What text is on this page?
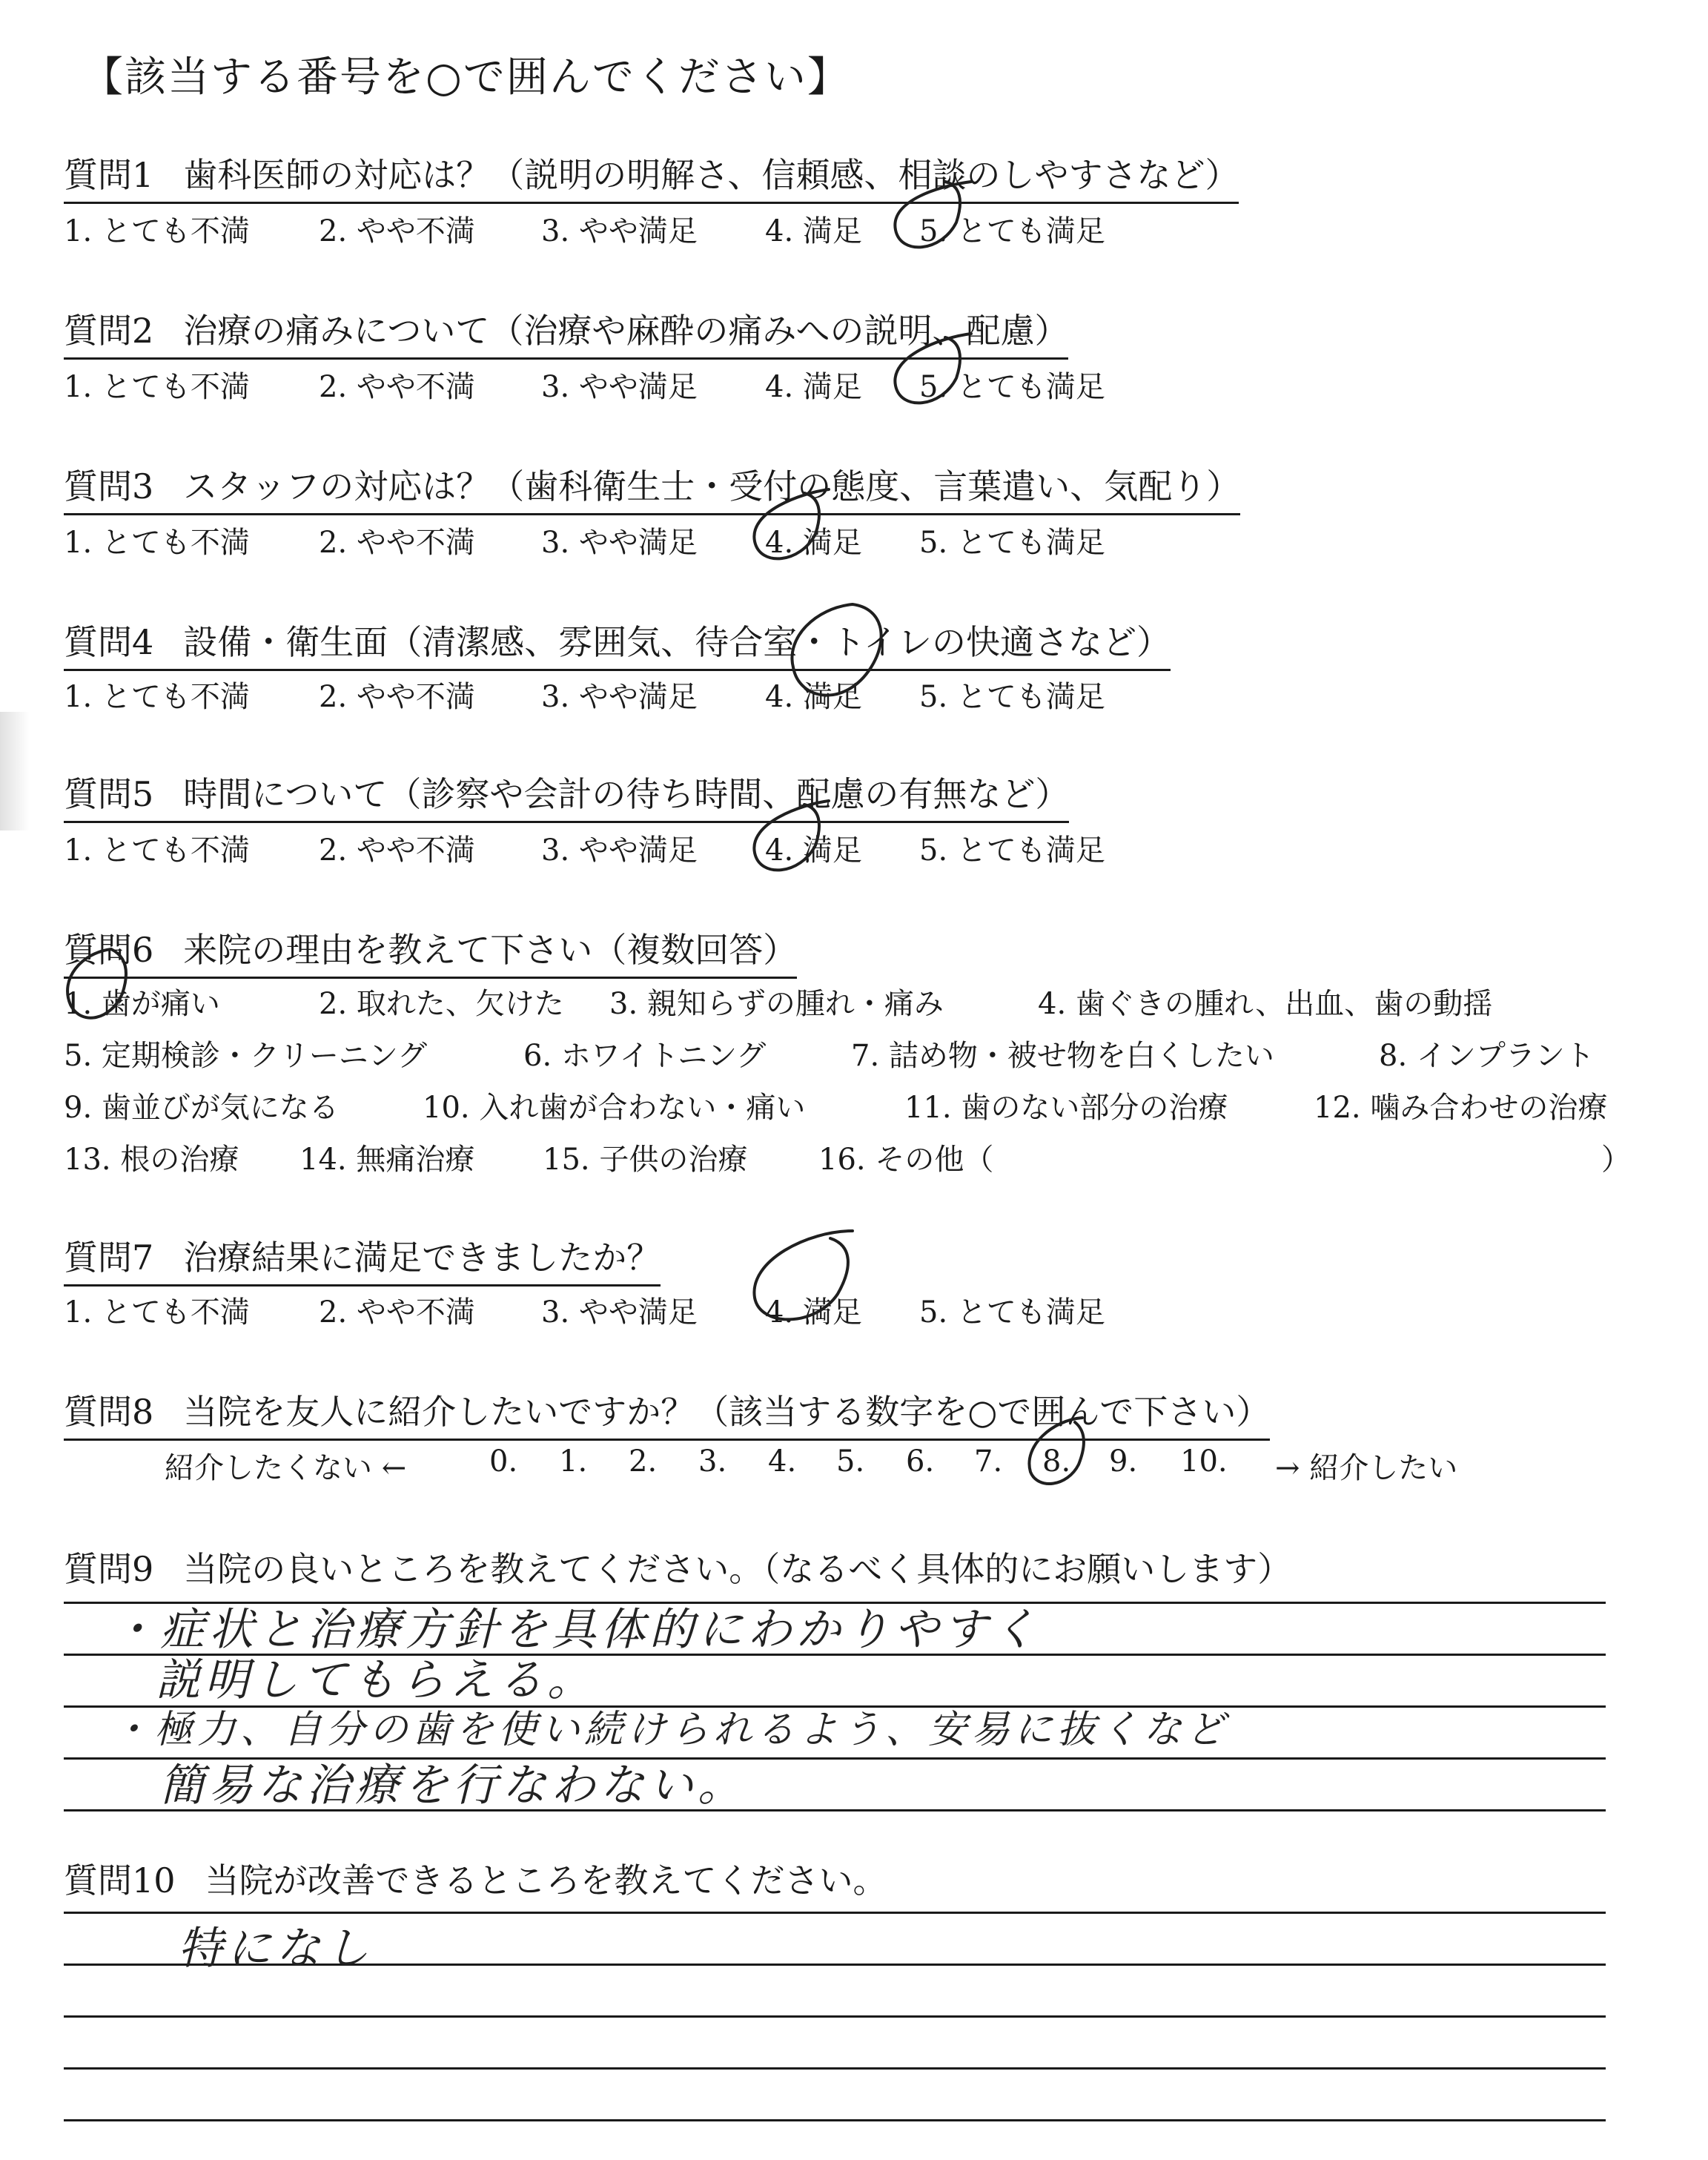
【該当する番号を○で囲んでください】
質問1 歯科医師の対応は？（説明の明解さ、信頼感、相談のしやすさなど）
1. とても不満 2. やや不満 3. やや満足 4. 満足 5. とても満足
質問2 治療の痛みについて（治療や麻酔の痛みへの説明、配慮）
1. とても不満 2. やや不満 3. やや満足 4. 満足 5. とても満足
質問3 スタッフの対応は？（歯科衛生士・受付の態度、言葉遣い、気配り）
1. とても不満 2. やや不満 3. やや満足 4. 満足 5. とても満足
質問4 設備・衛生面（清潔感、雰囲気、待合室・トイレの快適さなど）
1. とても不満 2. やや不満 3. やや満足 4. 満足 5. とても満足
質問5 時間について（診察や会計の待ち時間、配慮の有無など）
1. とても不満 2. やや不満 3. やや満足 4. 満足 5. とても満足
質問6 来院の理由を教えて下さい（複数回答）
1. 歯が痛い	2. 取れた、欠けた 3. 親知らずの腫れ・痛み	4. 歯ぐきの腫れ、出血、歯の動揺
5. 定期検診・クリーニング	6. ホワイトニング	7. 詰め物・被せ物を白くしたい	8. インプラント
9. 歯並びが気になる	10. 入れ歯が合わない・痛い	11. 歯のない部分の治療	12. 噛み合わせの治療
13. 根の治療 14. 無痛治療 15. 子供の治療 16. その他（	）
質問7 治療結果に満足できましたか？
1. とても不満 2. やや不満 3. やや満足 4. 満足 5. とても満足
質問8 当院を友人に紹介したいですか？（該当する数字を○で囲んで下さい）
紹介したくない ←	0. 1. 2. 3. 4. 5. 6. 7. 8. 9. 10. → 紹介したい
質問9 当院の良いところを教えてください。（なるべく具体的にお願いします）
・症状と治療方針を具体的にわかりやすく
説明してもらえる。
・極力、自分の歯を使い続けられるよう、安易に抜くなど
簡易な治療を行なわない。
質問10 当院が改善できるところを教えてください。
特になし
